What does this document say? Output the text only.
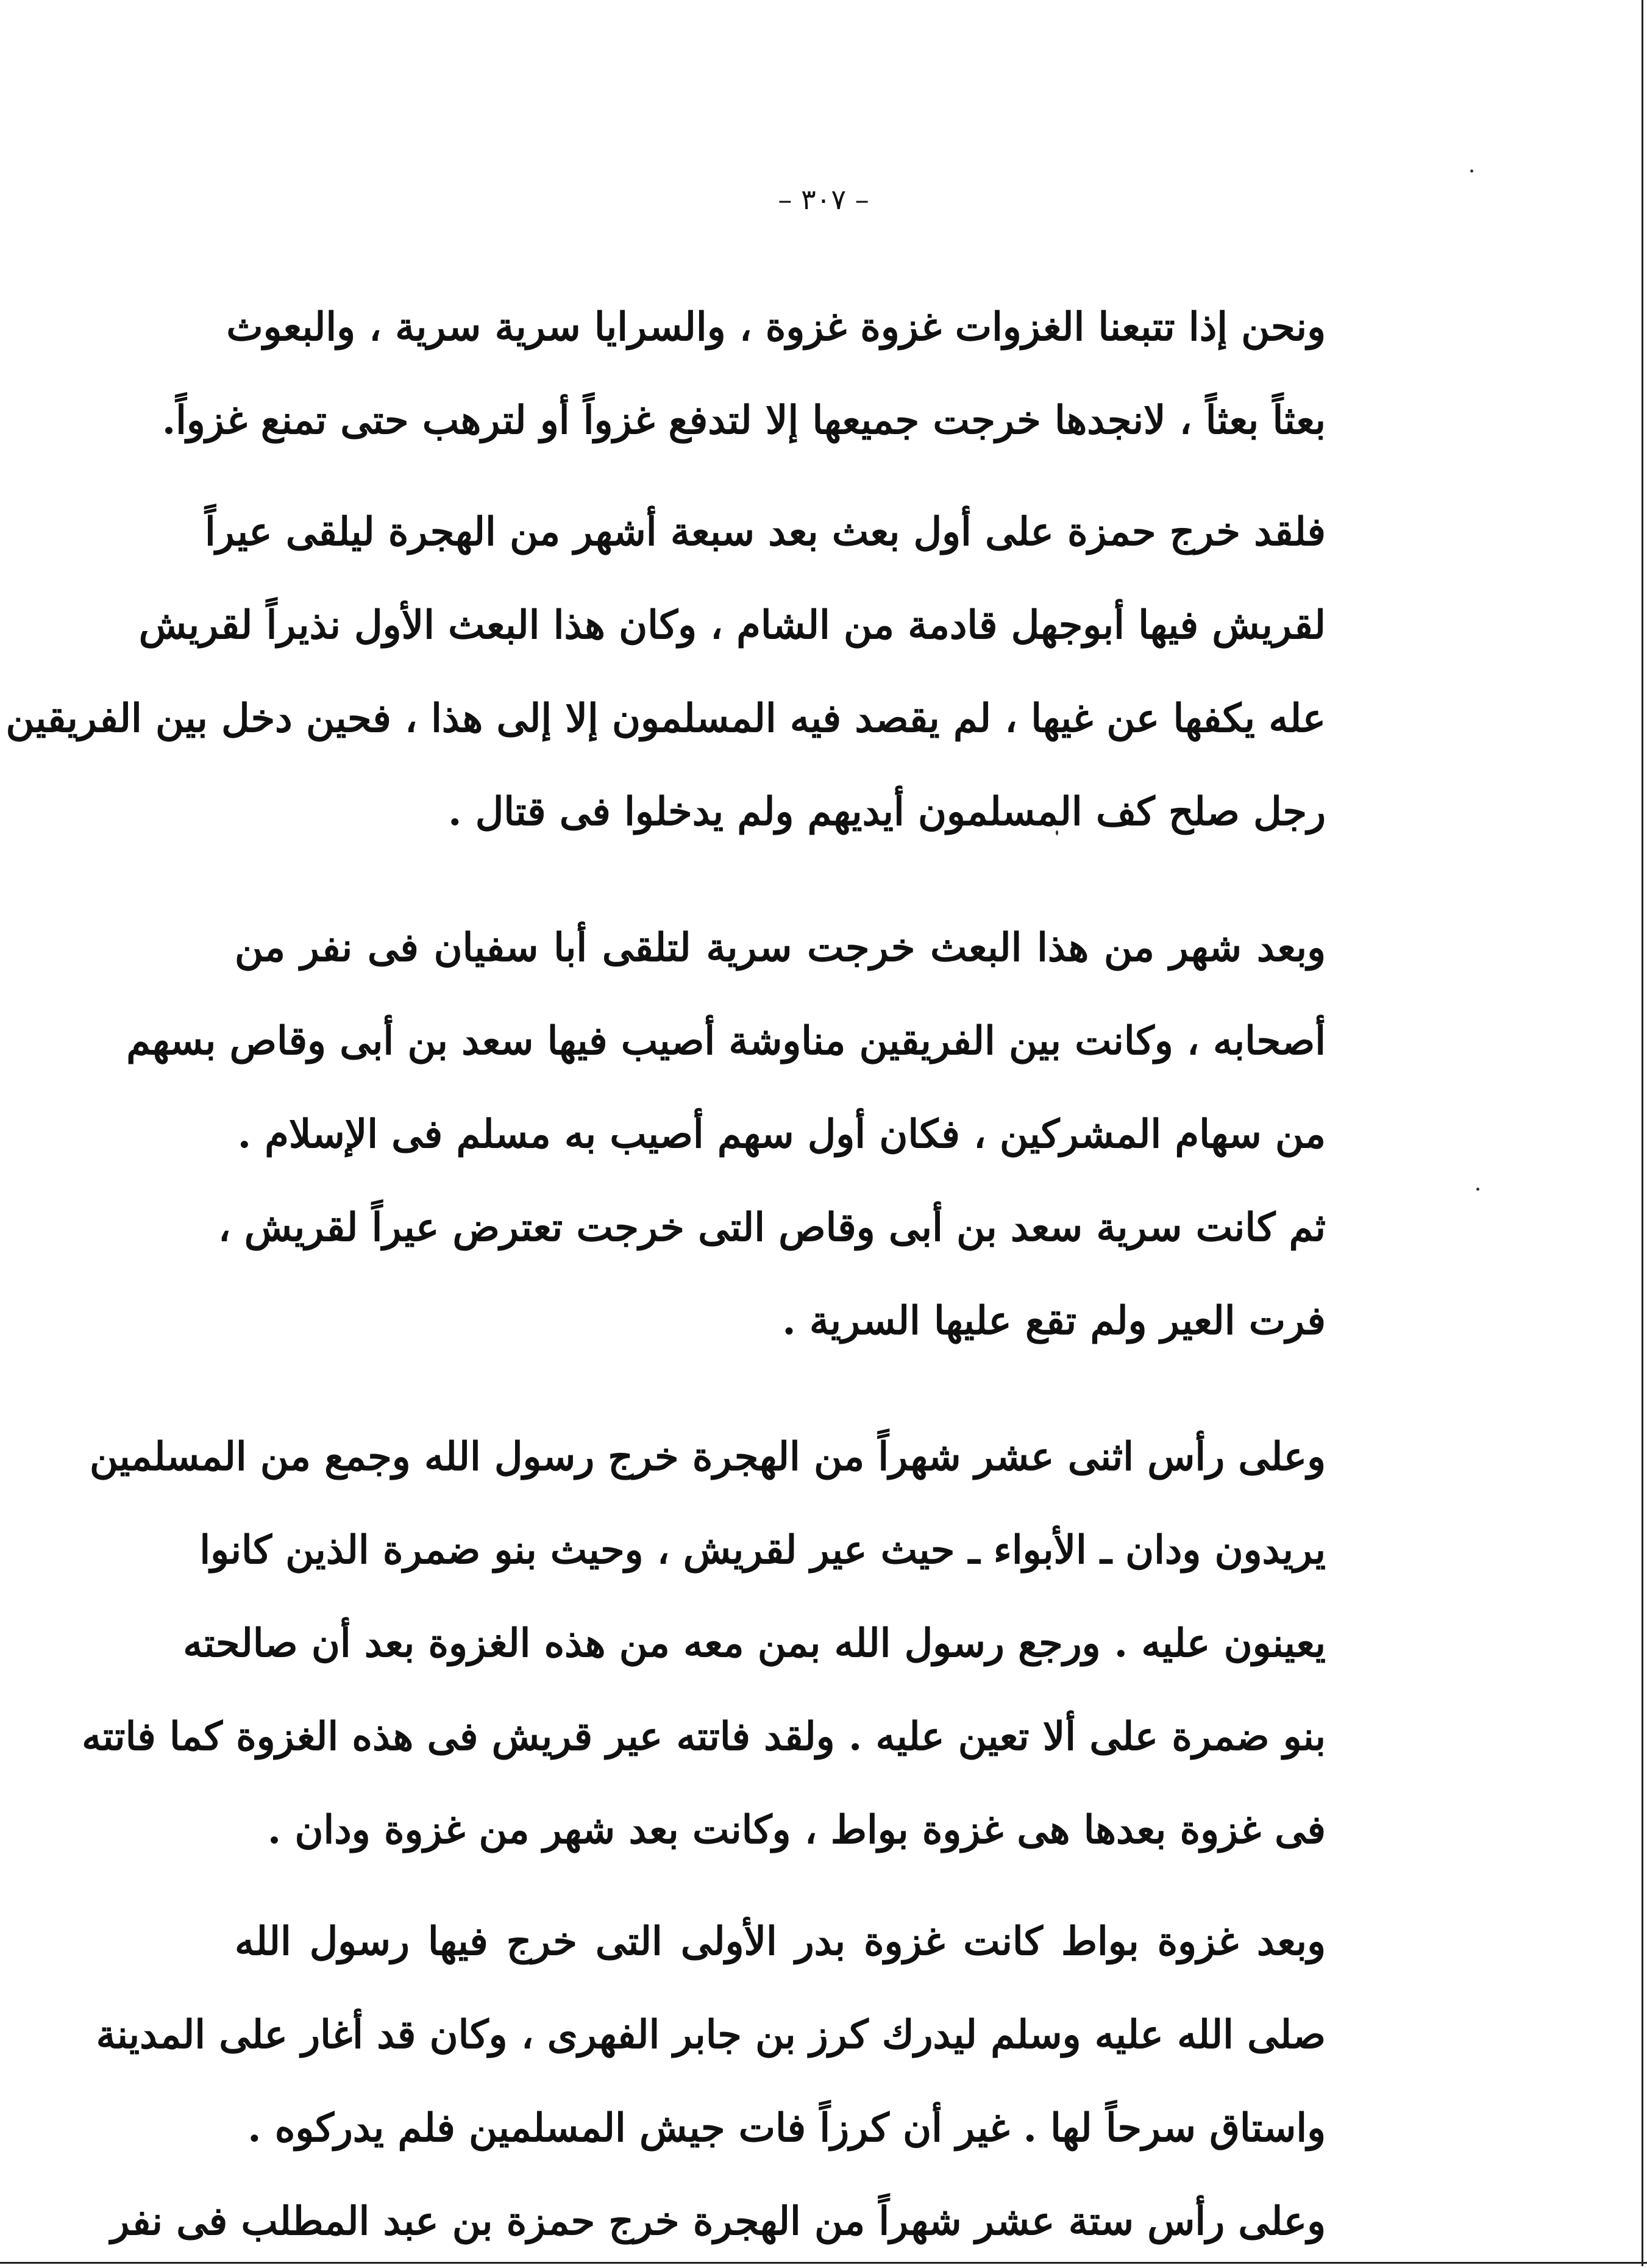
– ٣٠٧ –

ونحن إذا تتبعنا الغزوات غزوة غزوة ، والسرايا سرية سرية ، والبعوث
بعثاً بعثاً ، لانجدها خرجت جميعها إلا لتدفع غزواً أو لترهب حتى تمنع غزواً.

فلقد خرج حمزة على أول بعث بعد سبعة أشهر من الهجرة ليلقى عيراً
لقريش فيها أبوجهل قادمة من الشام ، وكان هذا البعث الأول نذيراً لقريش
عله يكفها عن غيها ، لم يقصد فيه المسلمون إلا إلى هذا ، فحين دخل بين الفريقين
رجل صلح كف المسلمون أيديهم ولم يدخلوا فى قتال .

وبعد شهر من هذا البعث خرجت سرية لتلقى أبا سفيان فى نفر من
أصحابه ، وكانت بين الفريقين مناوشة أصيب فيها سعد بن أبى وقاص بسهم
من سهام المشركين ، فكان أول سهم أصيب به مسلم فى الإسلام .

ثم كانت سرية سعد بن أبى وقاص التى خرجت تعترض عيراً لقريش ،
فرت العير ولم تقع عليها السرية .

وعلى رأس اثنى عشر شهراً من الهجرة خرج رسول الله وجمع من المسلمين
يريدون ودان ـ الأبواء ـ حيث عير لقريش ، وحيث بنو ضمرة الذين كانوا
يعينون عليه . ورجع رسول الله بمن معه من هذه الغزوة بعد أن صالحته
بنو ضمرة على ألا تعين عليه . ولقد فاتته عير قريش فى هذه الغزوة كما فاتته
فى غزوة بعدها هى غزوة بواط ، وكانت بعد شهر من غزوة ودان .

وبعد غزوة بواط كانت غزوة بدر الأولى التى خرج فيها رسول الله
صلى الله عليه وسلم ليدرك كرز بن جابر الفهرى ، وكان قد أغار على المدينة
واستاق سرحاً لها . غير أن كرزاً فات جيش المسلمين فلم يدركوه .

وعلى رأس ستة عشر شهراً من الهجرة خرج حمزة بن عبد المطلب فى نفر
